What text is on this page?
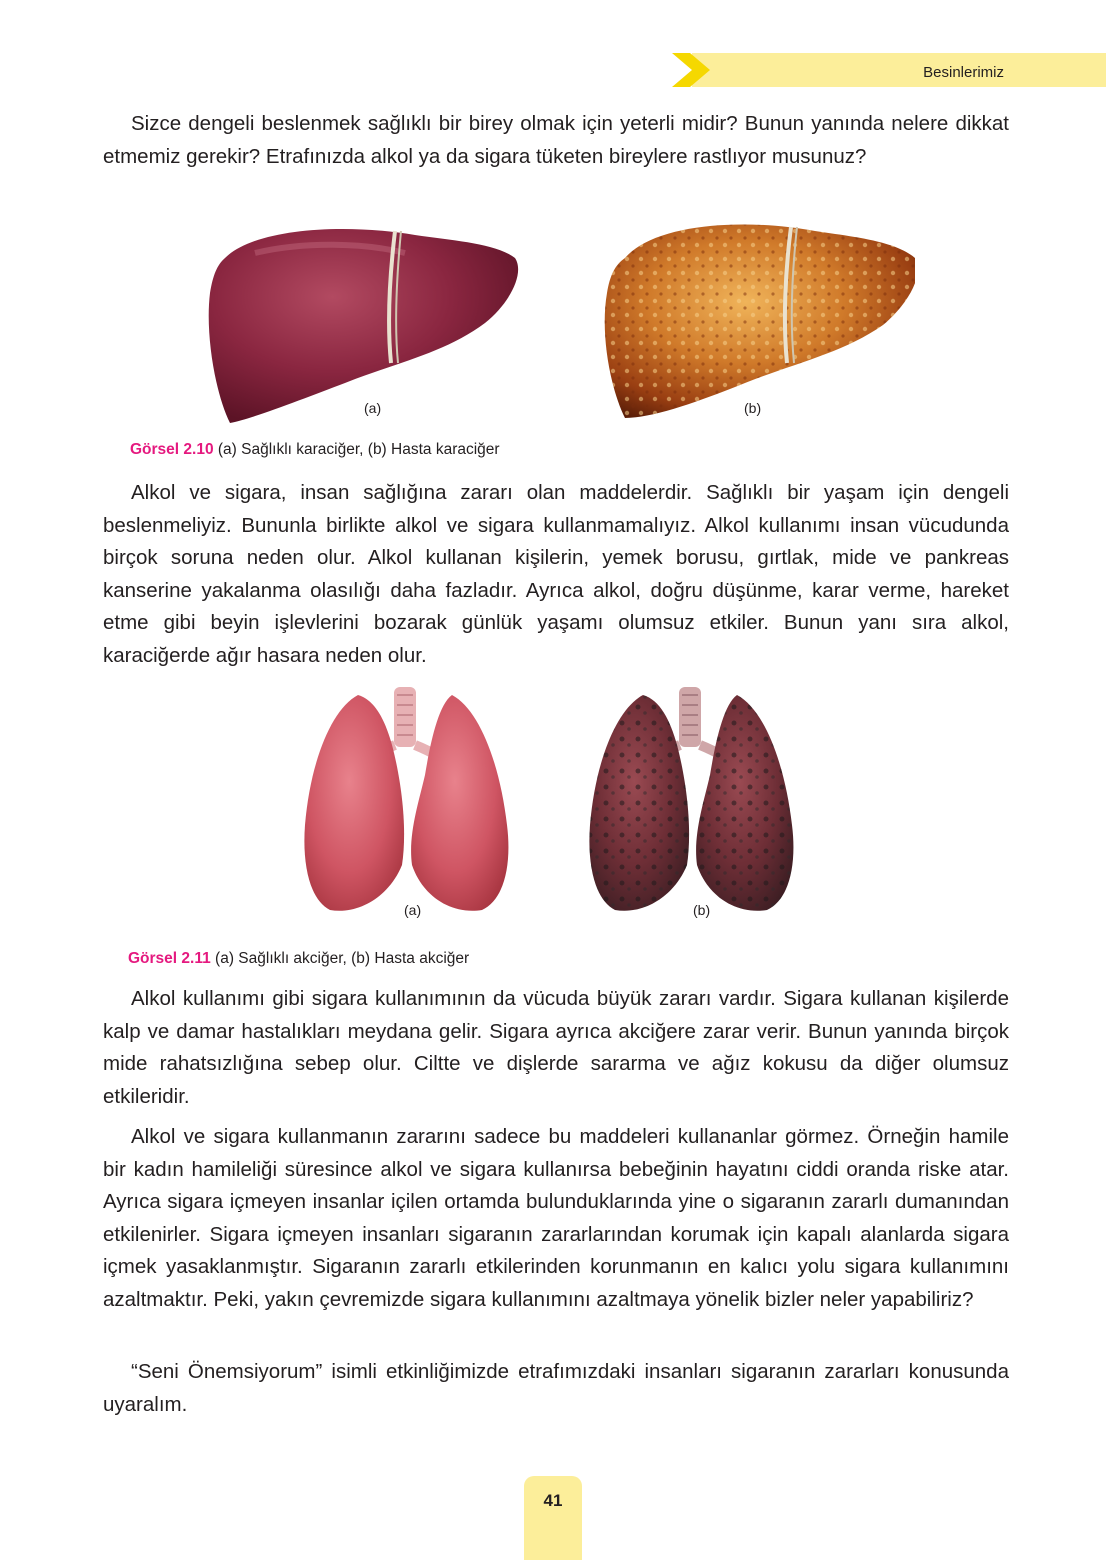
Besinlerimiz

Sizce dengeli beslenmek sağlıklı bir birey olmak için yeterli midir? Bunun yanında nelere dikkat etmemiz gerekir? Etrafınızda alkol ya da sigara tüketen bireylere rastlıyor musunuz?

(a)	(b)
Görsel 2.10 (a) Sağlıklı karaciğer, (b) Hasta karaciğer

Alkol ve sigara, insan sağlığına zararı olan maddelerdir. Sağlıklı bir yaşam için dengeli beslenmeliyiz. Bununla birlikte alkol ve sigara kullanmamalıyız. Alkol kullanımı insan vücudunda birçok soruna neden olur. Alkol kullanan kişilerin, yemek borusu, gırtlak, mide ve pankreas kanserine yakalanma olasılığı daha fazladır. Ayrıca alkol, doğru düşünme, karar verme, hareket etme gibi beyin işlevlerini bozarak günlük yaşamı olumsuz etkiler. Bunun yanı sıra alkol, karaciğerde ağır hasara neden olur.

(a)	(b)
Görsel 2.11 (a) Sağlıklı akciğer, (b) Hasta akciğer

Alkol kullanımı gibi sigara kullanımının da vücuda büyük zararı vardır. Sigara kullanan kişilerde kalp ve damar hastalıkları meydana gelir. Sigara ayrıca akciğere zarar verir. Bunun yanında birçok mide rahatsızlığına sebep olur. Ciltte ve dişlerde sararma ve ağız kokusu da diğer olumsuz etkileridir.

Alkol ve sigara kullanmanın zararını sadece bu maddeleri kullananlar görmez. Örneğin hamile bir kadın hamileliği süresince alkol ve sigara kullanırsa bebeğinin hayatını ciddi oranda riske atar. Ayrıca sigara içmeyen insanlar içilen ortamda bulunduklarında yine o sigaranın zararlı dumanından etkilenirler. Sigara içmeyen insanları sigaranın zararlarından korumak için kapalı alanlarda sigara içmek yasaklanmıştır. Sigaranın zararlı etkilerinden korunmanın en kalıcı yolu sigara kullanımını azaltmaktır. Peki, yakın çevremizde sigara kullanımını azaltmaya yönelik bizler neler yapabiliriz?

“Seni Önemsiyorum” isimli etkinliğimizde etrafımızdaki insanları sigaranın zararları konusunda uyaralım.

41
